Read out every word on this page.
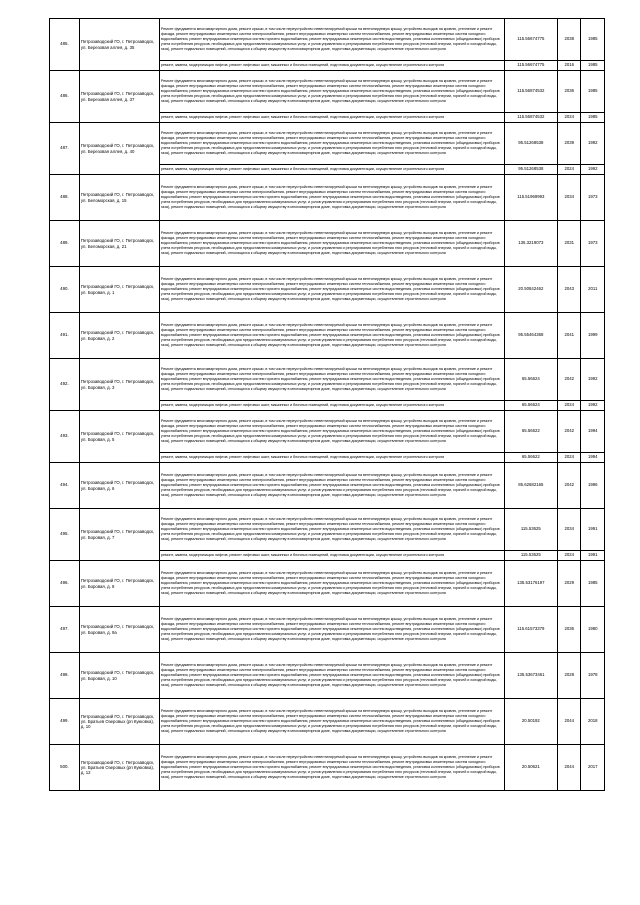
485.	Петрозаводский ГО, г. Петрозаводск, ул. Березовая аллея, д. 35	Ремонт фундамента многоквартирного дома, ремонт крыши, в том числе переустройство невентилируемой крыши на вентилируемую крышу, устройство выходов на кровлю, утепление и ремонт фасада, ремонт внутридомовых инженерных систем электроснабжения, ремонт внутридомовых инженерных систем теплоснабжения, ремонт внутридомовых инженерных систем холодного водоснабжения, ремонт внутридомовых инженерных систем горячего водоснабжения, ремонт внутридомовых инженерных систем водоотведения, установка коллективных (общедомовых) приборов учета потребления ресурсов, необходимых для предоставления коммунальных услуг, и узлов управления и регулирования потребления этих ресурсов (тепловой энергии, горячей и холодной воды, газа), ремонт подвальных помещений, относящихся к общему имуществу в многоквартирном доме, подготовка документации, осуществление строительного контроля	115.56674775	2038	1985
		ремонт, замена, модернизация лифтов, ремонт лифтовых шахт, машинных и блочных помещений, подготовка документации, осуществление строительного контроля	115.56674775	2016	1985
486.	Петрозаводский ГО, г. Петрозаводск, ул. Березовая аллея, д. 37	Ремонт фундамента многоквартирного дома, ремонт крыши, в том числе переустройство невентилируемой крыши на вентилируемую крышу, устройство выходов на кровлю, утепление и ремонт фасада, ремонт внутридомовых инженерных систем электроснабжения, ремонт внутридомовых инженерных систем теплоснабжения, ремонт внутридомовых инженерных систем холодного водоснабжения, ремонт внутридомовых инженерных систем горячего водоснабжения, ремонт внутридомовых инженерных систем водоотведения, установка коллективных (общедомовых) приборов учета потребления ресурсов, необходимых для предоставления коммунальных услуг, и узлов управления и регулирования потребления этих ресурсов (тепловой энергии, горячей и холодной воды, газа), ремонт подвальных помещений, относящихся к общему имуществу в многоквартирном доме, подготовка документации, осуществление строительного контроля	115.56874532	2036	1985
		ремонт, замена, модернизация лифтов, ремонт лифтовых шахт, машинных и блочных помещений, подготовка документации, осуществление строительного контроля	115.56874532	2024	1985
487.	Петрозаводский ГО, г. Петрозаводск, ул. Березовая аллея, д. 40	Ремонт фундамента многоквартирного дома, ремонт крыши, в том числе переустройство невентилируемой крыши на вентилируемую крышу, устройство выходов на кровлю, утепление и ремонт фасада, ремонт внутридомовых инженерных систем электроснабжения, ремонт внутридомовых инженерных систем теплоснабжения, ремонт внутридомовых инженерных систем холодного водоснабжения, ремонт внутридомовых инженерных систем горячего водоснабжения, ремонт внутридомовых инженерных систем водоотведения, установка коллективных (общедомовых) приборов учета потребления ресурсов, необходимых для предоставления коммунальных услуг, и узлов управления и регулирования потребления этих ресурсов (тепловой энергии, горячей и холодной воды, газа), ремонт подвальных помещений, относящихся к общему имуществу в многоквартирном доме, подготовка документации, осуществление строительного контроля	95.51268538	2039	1992
		ремонт, замена, модернизация лифтов, ремонт лифтовых шахт, машинных и блочных помещений, подготовка документации, осуществление строительного контроля	95.51268538	2024	1992
488.	Петрозаводский ГО, г. Петрозаводск, ул. Беломорская, д. 15	Ремонт фундамента многоквартирного дома, ремонт крыши, в том числе переустройство невентилируемой крыши на вентилируемую крышу, устройство выходов на кровлю, утепление и ремонт фасада, ремонт внутридомовых инженерных систем электроснабжения, ремонт внутридомовых инженерных систем теплоснабжения, ремонт внутридомовых инженерных систем холодного водоснабжения, ремонт внутридомовых инженерных систем горячего водоснабжения, ремонт внутридомовых инженерных систем водоотведения, установка коллективных (общедомовых) приборов учета потребления ресурсов, необходимых для предоставления коммунальных услуг, и узлов управления и регулирования потребления этих ресурсов (тепловой энергии, горячей и холодной воды, газа), ремонт подвальных помещений, относящихся к общему имуществу в многоквартирном доме, подготовка документации, осуществление строительного контроля	115.51969993	2034	1973
489.	Петрозаводский ГО, г. Петрозаводск, ул. Беломорская, д. 21	Ремонт фундамента многоквартирного дома, ремонт крыши, в том числе переустройство невентилируемой крыши на вентилируемую крышу, устройство выходов на кровлю, утепление и ремонт фасада, ремонт внутридомовых инженерных систем электроснабжения, ремонт внутридомовых инженерных систем теплоснабжения, ремонт внутридомовых инженерных систем холодного водоснабжения, ремонт внутридомовых инженерных систем горячего водоснабжения, ремонт внутридомовых инженерных систем водоотведения, установка коллективных (общедомовых) приборов учета потребления ресурсов, необходимых для предоставления коммунальных услуг, и узлов управления и регулирования потребления этих ресурсов (тепловой энергии, горячей и холодной воды, газа), ремонт подвальных помещений, относящихся к общему имуществу в многоквартирном доме, подготовка документации, осуществление строительного контроля	135.3219073	2031	1973
490.	Петрозаводский ГО, г. Петрозаводск, ул. Боровая, д. 1	Ремонт фундамента многоквартирного дома, ремонт крыши, в том числе переустройство невентилируемой крыши на вентилируемую крышу, устройство выходов на кровлю, утепление и ремонт фасада, ремонт внутридомовых инженерных систем электроснабжения, ремонт внутридомовых инженерных систем теплоснабжения, ремонт внутридомовых инженерных систем холодного водоснабжения, ремонт внутридомовых инженерных систем горячего водоснабжения, ремонт внутридомовых инженерных систем водоотведения, установка коллективных (общедомовых) приборов учета потребления ресурсов, необходимых для предоставления коммунальных услуг, и узлов управления и регулирования потребления этих ресурсов (тепловой энергии, горячей и холодной воды, газа), ремонт подвальных помещений, относящихся к общему имуществу в многоквартирном доме, подготовка документации, осуществление строительного контроля	20.50842462	2043	2011
491.	Петрозаводский ГО, г. Петрозаводск, ул. Боровая, д. 2	Ремонт фундамента многоквартирного дома, ремонт крыши, в том числе переустройство невентилируемой крыши на вентилируемую крышу, устройство выходов на кровлю, утепление и ремонт фасада, ремонт внутридомовых инженерных систем электроснабжения, ремонт внутридомовых инженерных систем теплоснабжения, ремонт внутридомовых инженерных систем холодного водоснабжения, ремонт внутридомовых инженерных систем горячего водоснабжения, ремонт внутридомовых инженерных систем водоотведения, установка коллективных (общедомовых) приборов учета потребления ресурсов, необходимых для предоставления коммунальных услуг, и узлов управления и регулирования потребления этих ресурсов (тепловой энергии, горячей и холодной воды, газа), ремонт подвальных помещений, относящихся к общему имуществу в многоквартирном доме, подготовка документации, осуществление строительного контроля	95.55464368	2041	1999
492.	Петрозаводский ГО, г. Петрозаводск, ул. Боровая, д. 3	Ремонт фундамента многоквартирного дома, ремонт крыши, в том числе переустройство невентилируемой крыши на вентилируемую крышу, устройство выходов на кровлю, утепление и ремонт фасада, ремонт внутридомовых инженерных систем электроснабжения, ремонт внутридомовых инженерных систем теплоснабжения, ремонт внутридомовых инженерных систем холодного водоснабжения, ремонт внутридомовых инженерных систем горячего водоснабжения, ремонт внутридомовых инженерных систем водоотведения, установка коллективных (общедомовых) приборов учета потребления ресурсов, необходимых для предоставления коммунальных услуг, и узлов управления и регулирования потребления этих ресурсов (тепловой энергии, горячей и холодной воды, газа), ремонт подвальных помещений, относящихся к общему имуществу в многоквартирном доме, подготовка документации, осуществление строительного контроля	65.56624	2042	1992
		ремонт, замена, модернизация лифтов, ремонт лифтовых шахт, машинных и блочных помещений, подготовка документации, осуществление строительного контроля	65.56624	2024	1992
493.	Петрозаводский ГО, г. Петрозаводск, ул. Боровая, д. 5	Ремонт фундамента многоквартирного дома, ремонт крыши, в том числе переустройство невентилируемой крыши на вентилируемую крышу, устройство выходов на кровлю, утепление и ремонт фасада, ремонт внутридомовых инженерных систем электроснабжения, ремонт внутридомовых инженерных систем теплоснабжения, ремонт внутридомовых инженерных систем холодного водоснабжения, ремонт внутридомовых инженерных систем горячего водоснабжения, ремонт внутридомовых инженерных систем водоотведения, установка коллективных (общедомовых) приборов учета потребления ресурсов, необходимых для предоставления коммунальных услуг, и узлов управления и регулирования потребления этих ресурсов (тепловой энергии, горячей и холодной воды, газа), ремонт подвальных помещений, относящихся к общему имуществу в многоквартирном доме, подготовка документации, осуществление строительного контроля	65.56622	2042	1994
		ремонт, замена, модернизация лифтов, ремонт лифтовых шахт, машинных и блочных помещений, подготовка документации, осуществление строительного контроля	65.56622	2024	1994
494.	Петрозаводский ГО, г. Петрозаводск, ул. Боровая, д. 6	Ремонт фундамента многоквартирного дома, ремонт крыши, в том числе переустройство невентилируемой крыши на вентилируемую крышу, устройство выходов на кровлю, утепление и ремонт фасада, ремонт внутридомовых инженерных систем электроснабжения, ремонт внутридомовых инженерных систем теплоснабжения, ремонт внутридомовых инженерных систем холодного водоснабжения, ремонт внутридомовых инженерных систем горячего водоснабжения, ремонт внутридомовых инженерных систем водоотведения, установка коллективных (общедомовых) приборов учета потребления ресурсов, необходимых для предоставления коммунальных услуг, и узлов управления и регулирования потребления этих ресурсов (тепловой энергии, горячей и холодной воды, газа), ремонт подвальных помещений, относящихся к общему имуществу в многоквартирном доме, подготовка документации, осуществление строительного контроля	85.62682165	2042	1996
495.	Петрозаводский ГО, г. Петрозаводск, ул. Боровая, д. 7	Ремонт фундамента многоквартирного дома, ремонт крыши, в том числе переустройство невентилируемой крыши на вентилируемую крышу, устройство выходов на кровлю, утепление и ремонт фасада, ремонт внутридомовых инженерных систем электроснабжения, ремонт внутридомовых инженерных систем теплоснабжения, ремонт внутридомовых инженерных систем холодного водоснабжения, ремонт внутридомовых инженерных систем горячего водоснабжения, ремонт внутридомовых инженерных систем водоотведения, установка коллективных (общедомовых) приборов учета потребления ресурсов, необходимых для предоставления коммунальных услуг, и узлов управления и регулирования потребления этих ресурсов (тепловой энергии, горячей и холодной воды, газа), ремонт подвальных помещений, относящихся к общему имуществу в многоквартирном доме, подготовка документации, осуществление строительного контроля	115.53625	2034	1991
		ремонт, замена, модернизация лифтов, ремонт лифтовых шахт, машинных и блочных помещений, подготовка документации, осуществление строительного контроля	115.53625	2024	1991
496.	Петрозаводский ГО, г. Петрозаводск, ул. Боровая, д. 8	Ремонт фундамента многоквартирного дома, ремонт крыши, в том числе переустройство невентилируемой крыши на вентилируемую крышу, устройство выходов на кровлю, утепление и ремонт фасада, ремонт внутридомовых инженерных систем электроснабжения, ремонт внутридомовых инженерных систем теплоснабжения, ремонт внутридомовых инженерных систем холодного водоснабжения, ремонт внутридомовых инженерных систем горячего водоснабжения, ремонт внутридомовых инженерных систем водоотведения, установка коллективных (общедомовых) приборов учета потребления ресурсов, необходимых для предоставления коммунальных услуг, и узлов управления и регулирования потребления этих ресурсов (тепловой энергии, горячей и холодной воды, газа), ремонт подвальных помещений, относящихся к общему имуществу в многоквартирном доме, подготовка документации, осуществление строительного контроля	135.53176197	2029	1985
497.	Петрозаводский ГО, г. Петрозаводск, ул. Боровая, д. 9а	Ремонт фундамента многоквартирного дома, ремонт крыши, в том числе переустройство невентилируемой крыши на вентилируемую крышу, устройство выходов на кровлю, утепление и ремонт фасада, ремонт внутридомовых инженерных систем электроснабжения, ремонт внутридомовых инженерных систем теплоснабжения, ремонт внутридомовых инженерных систем холодного водоснабжения, ремонт внутридомовых инженерных систем горячего водоснабжения, ремонт внутридомовых инженерных систем водоотведения, установка коллективных (общедомовых) приборов учета потребления ресурсов, необходимых для предоставления коммунальных услуг, и узлов управления и регулирования потребления этих ресурсов (тепловой энергии, горячей и холодной воды, газа), ремонт подвальных помещений, относящихся к общему имуществу в многоквартирном доме, подготовка документации, осуществление строительного контроля	115.61573379	2036	1980
498.	Петрозаводский ГО, г. Петрозаводск, ул. Боровая, д. 10	Ремонт фундамента многоквартирного дома, ремонт крыши, в том числе переустройство невентилируемой крыши на вентилируемую крышу, устройство выходов на кровлю, утепление и ремонт фасада, ремонт внутридомовых инженерных систем электроснабжения, ремонт внутридомовых инженерных систем теплоснабжения, ремонт внутридомовых инженерных систем холодного водоснабжения, ремонт внутридомовых инженерных систем горячего водоснабжения, ремонт внутридомовых инженерных систем водоотведения, установка коллективных (общедомовых) приборов учета потребления ресурсов, необходимых для предоставления коммунальных услуг, и узлов управления и регулирования потребления этих ресурсов (тепловой энергии, горячей и холодной воды, газа), ремонт подвальных помещений, относящихся к общему имуществу в многоквартирном доме, подготовка документации, осуществление строительного контроля	135.53673461	2028	1978
499.	Петрозаводский ГО, г. Петрозаводск, ул. Братьев Озеровых (рп Кукковка), д. 10	Ремонт фундамента многоквартирного дома, ремонт крыши, в том числе переустройство невентилируемой крыши на вентилируемую крышу, устройство выходов на кровлю, утепление и ремонт фасада, ремонт внутридомовых инженерных систем электроснабжения, ремонт внутридомовых инженерных систем теплоснабжения, ремонт внутридомовых инженерных систем холодного водоснабжения, ремонт внутридомовых инженерных систем горячего водоснабжения, ремонт внутридомовых инженерных систем водоотведения, установка коллективных (общедомовых) приборов учета потребления ресурсов, необходимых для предоставления коммунальных услуг, и узлов управления и регулирования потребления этих ресурсов (тепловой энергии, горячей и холодной воды, газа), ремонт подвальных помещений, относящихся к общему имуществу в многоквартирном доме, подготовка документации, осуществление строительного контроля	20.50192	2044	2018
500.	Петрозаводский ГО, г. Петрозаводск, ул. Братьев Озеровых (рп Кукковка), д. 12	Ремонт фундамента многоквартирного дома, ремонт крыши, в том числе переустройство невентилируемой крыши на вентилируемую крышу, устройство выходов на кровлю, утепление и ремонт фасада, ремонт внутридомовых инженерных систем электроснабжения, ремонт внутридомовых инженерных систем теплоснабжения, ремонт внутридомовых инженерных систем холодного водоснабжения, ремонт внутридомовых инженерных систем горячего водоснабжения, ремонт внутридомовых инженерных систем водоотведения, установка коллективных (общедомовых) приборов учета потребления ресурсов, необходимых для предоставления коммунальных услуг, и узлов управления и регулирования потребления этих ресурсов (тепловой энергии, горячей и холодной воды, газа), ремонт подвальных помещений, относящихся к общему имуществу в многоквартирном доме, подготовка документации, осуществление строительного контроля	20.50621	2044	2017
